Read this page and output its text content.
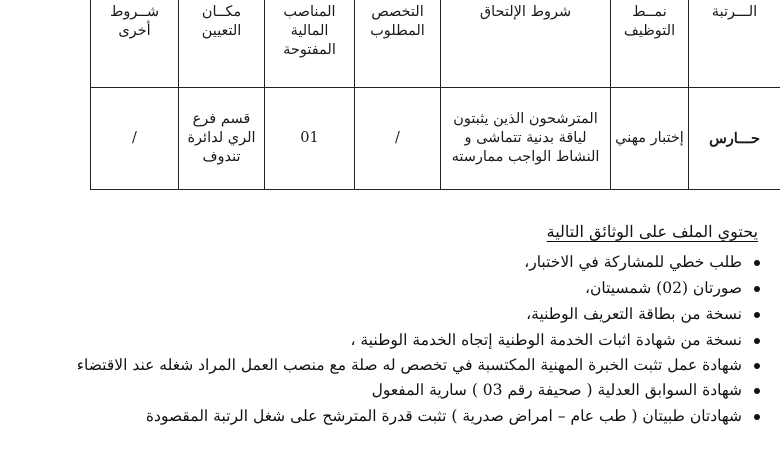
الـــرتبة	نمــط التوظيف	شروط الإلتحاق	التخصص المطلوب	المناصب المالية المفتوحة	مكــان التعيين	شــروط أخرى
حـــارس	إختبار مهني	المترشحون الذين يثبتون لياقة بدنية تتماشى و النشاط الواجب ممارسته	/	01	قسم فرع الري لدائرة تندوف	/
يحتوي الملف على الوثائق التالية
طلب خطي للمشاركة في الاختبار،
صورتان (02) شمسيتان،
نسخة من بطاقة التعريف الوطنية،
نسخة من شهادة اثبات الخدمة الوطنية إتجاه الخدمة الوطنية ،
شهادة عمل تثبت الخبرة المهنية المكتسبة في تخصص له صلة مع منصب العمل المراد شغله عند الاقتضاء
شهادة السوابق العدلية ( صحيفة رقم 03 ) سارية المفعول
شهادتان طبيتان ( طب عام – امراض صدرية ) تثبت قدرة المترشح على شغل الرتبة المقصودة
